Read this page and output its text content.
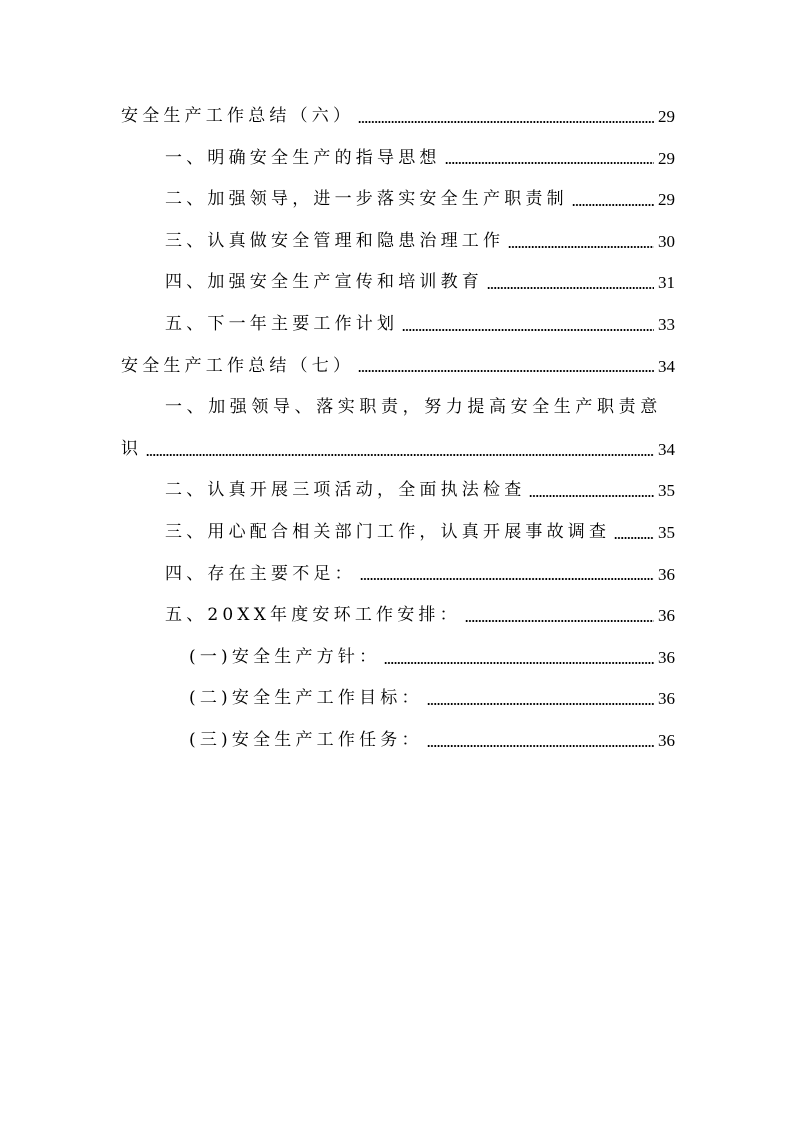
安全生产工作总结（六）	29
一、明确安全生产的指导思想	29
二、加强领导，进一步落实安全生产职责制	29
三、认真做安全管理和隐患治理工作	30
四、加强安全生产宣传和培训教育	31
五、下一年主要工作计划	33
安全生产工作总结（七）	34
一、加强领导、落实职责，努力提高安全生产职责意
识	34
二、认真开展三项活动，全面执法检查	35
三、用心配合相关部门工作，认真开展事故调查	35
四、存在主要不足：	36
五、20XX年度安环工作安排：	36
(一)安全生产方针：	36
(二)安全生产工作目标：	36
(三)安全生产工作任务：	36
